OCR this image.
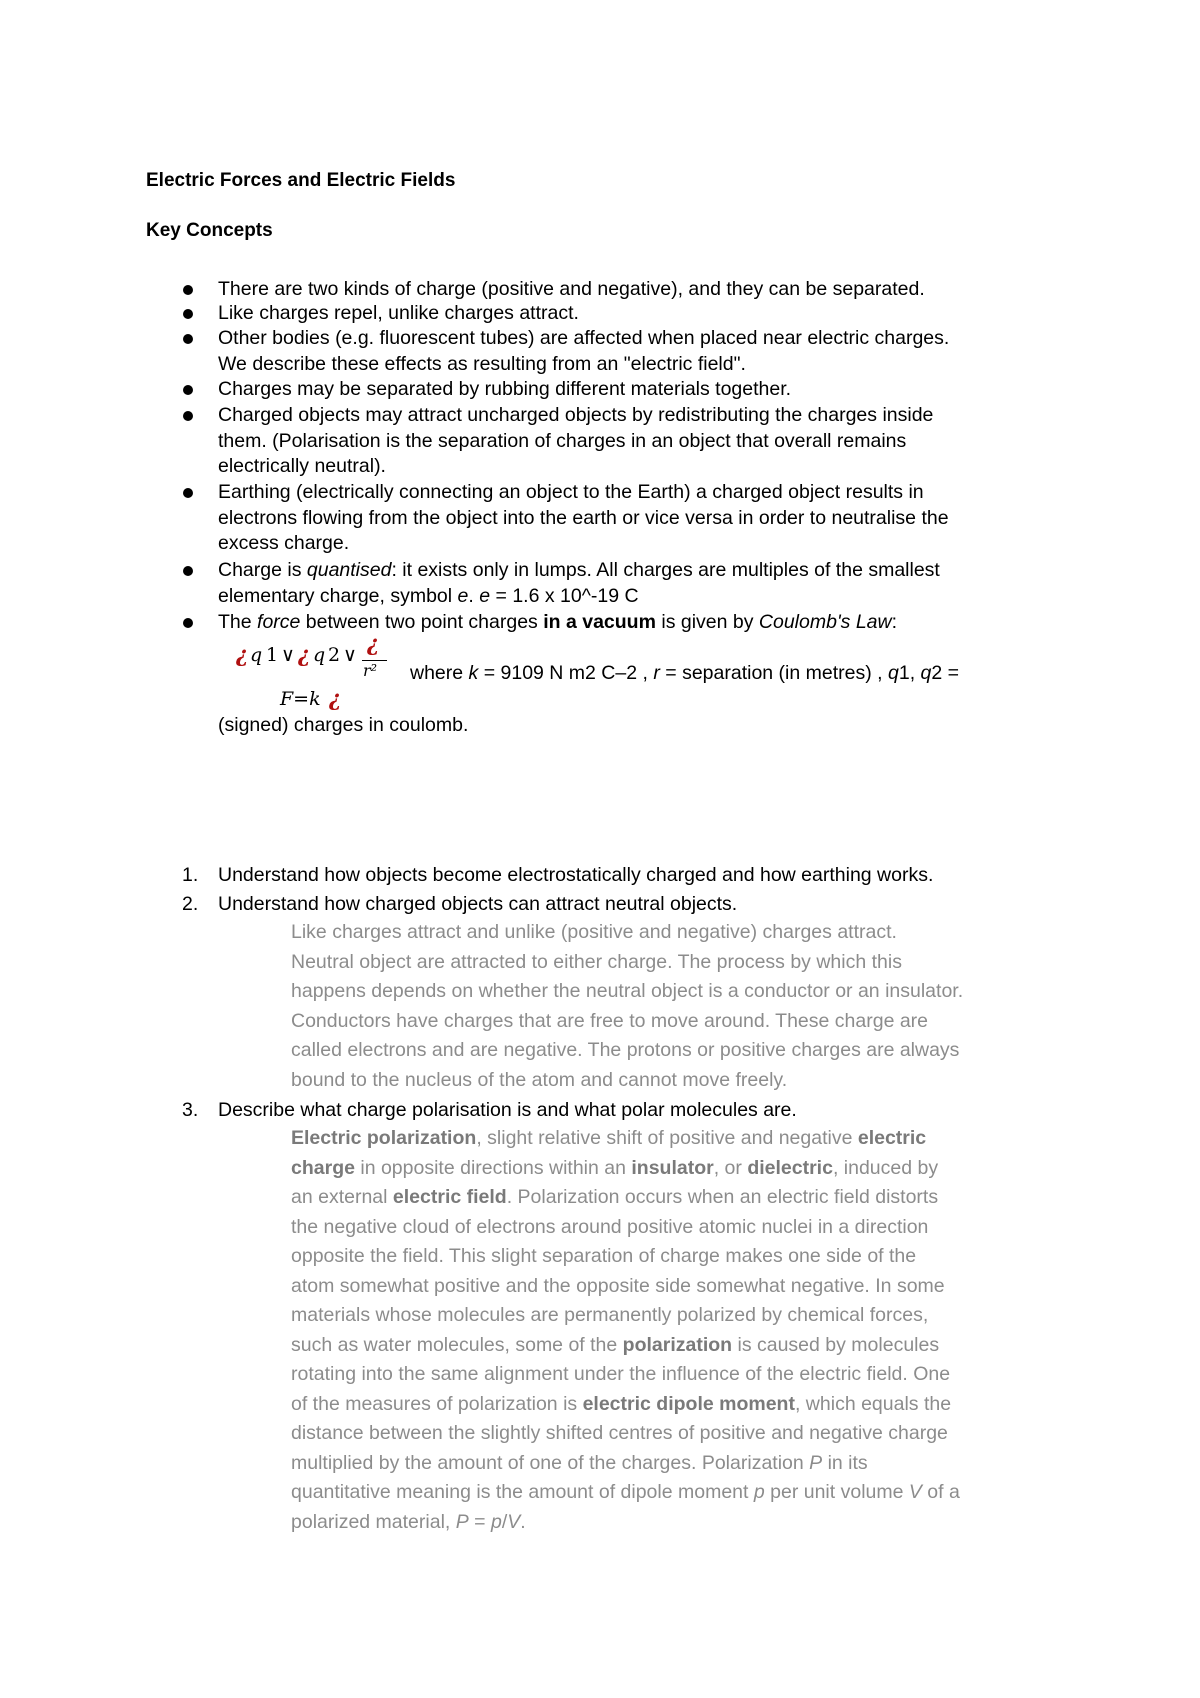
Electric Forces and Electric Fields
Key Concepts
There are two kinds of charge (positive and negative), and they can be separated.
Like charges repel, unlike charges attract.
Other bodies (e.g. fluorescent tubes) are affected when placed near electric charges.
We describe these effects as resulting from an "electric field".
Charges may be separated by rubbing different materials together.
Charged objects may attract uncharged objects by redistributing the charges inside
them. (Polarisation is the separation of charges in an object that overall remains
electrically neutral).
Earthing (electrically connecting an object to the Earth) a charged object results in
electrons flowing from the object into the earth or vice versa in order to neutralise the
excess charge.
Charge is quantised: it exists only in lumps. All charges are multiples of the smallest
elementary charge, symbol e. e = 1.6 x 10^-19 C
The force between two point charges in a vacuum is given by Coulomb's Law:
¿ q 1 ∨ ¿ q 2 ∨ ¿
r²
F=k ¿
where k = 9109 N m2 C–2 , r = separation (in metres) , q1, q2 =
(signed) charges in coulomb.
1. Understand how objects become electrostatically charged and how earthing works.
2. Understand how charged objects can attract neutral objects.
Like charges attract and unlike (positive and negative) charges attract.
Neutral object are attracted to either charge. The process by which this
happens depends on whether the neutral object is a conductor or an insulator.
Conductors have charges that are free to move around. These charge are
called electrons and are negative. The protons or positive charges are always
bound to the nucleus of the atom and cannot move freely.
3. Describe what charge polarisation is and what polar molecules are.
Electric polarization, slight relative shift of positive and negative electric
charge in opposite directions within an insulator, or dielectric, induced by
an external electric field. Polarization occurs when an electric field distorts
the negative cloud of electrons around positive atomic nuclei in a direction
opposite the field. This slight separation of charge makes one side of the
atom somewhat positive and the opposite side somewhat negative. In some
materials whose molecules are permanently polarized by chemical forces,
such as water molecules, some of the polarization is caused by molecules
rotating into the same alignment under the influence of the electric field. One
of the measures of polarization is electric dipole moment, which equals the
distance between the slightly shifted centres of positive and negative charge
multiplied by the amount of one of the charges. Polarization P in its
quantitative meaning is the amount of dipole moment p per unit volume V of a
polarized material, P = p/V.
